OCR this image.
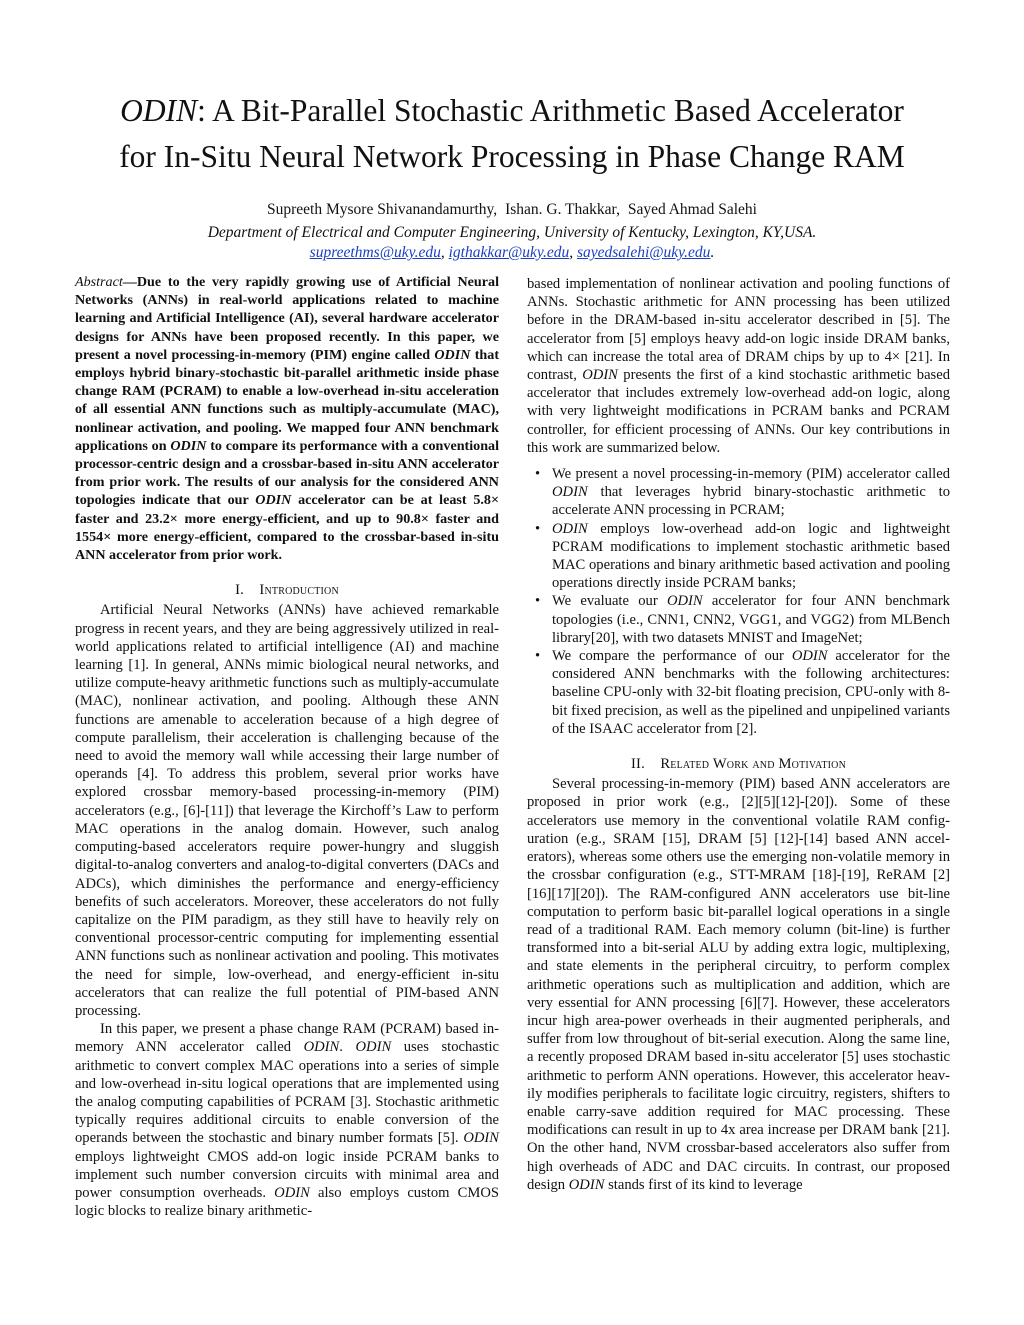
ODIN: A Bit-Parallel Stochastic Arithmetic Based Accelerator
for In-Situ Neural Network Processing in Phase Change RAM
Supreeth Mysore Shivanandamurthy, Ishan. G. Thakkar, Sayed Ahmad Salehi
Department of Electrical and Computer Engineering, University of Kentucky, Lexington, KY,USA.
supreethms@uky.edu, igthakkar@uky.edu, sayedsalehi@uky.edu.

Abstract—Due to the very rapidly growing use of Artificial Neural Networks (ANNs) in real-world applications related to machine learning and Artificial Intelligence (AI), several hardware accelerator designs for ANNs have been proposed recently. In this paper, we present a novel processing-in-memory (PIM) engine called ODIN that employs hybrid binary-stochastic bit-parallel arithmetic inside phase change RAM (PCRAM) to enable a low-overhead in-situ acceleration of all essential ANN functions such as multiply-accumulate (MAC), nonlinear activation, and pooling. We mapped four ANN benchmark applications on ODIN to compare its performance with a conventional processor-centric design and a crossbar-based in-situ ANN accelerator from prior work. The results of our analysis for the considered ANN topologies indicate that our ODIN accelerator can be at least 5.8× faster and 23.2× more energy-efficient, and up to 90.8× faster and 1554× more energy-efficient, compared to the crossbar-based in-situ ANN accelerator from prior work.

I. Introduction

Artificial Neural Networks (ANNs) have achieved remarkable progress in recent years, and they are being aggressively utilized in real-world applications related to artificial intelligence (AI) and machine learning [1]. In general, ANNs mimic biological neural networks, and utilize compute-heavy arithmetic functions such as multiply-accumulate (MAC), nonlinear activation, and pooling. Although these ANN functions are amenable to acceleration because of a high degree of compute parallelism, their acceleration is challenging because of the need to avoid the memory wall while accessing their large number of operands [4]. To address this problem, several prior works have explored crossbar memory-based processing-in-memory (PIM) accelerators (e.g., [6]-[11]) that leverage the Kirchoff’s Law to perform MAC operations in the analog domain. However, such analog computing-based accelerators require power-hungry and sluggish digital-to-analog converters and analog-to-digital converters (DACs and ADCs), which diminishes the performance and energy-efficiency benefits of such accelerators. Moreover, these accelerators do not fully capitalize on the PIM paradigm, as they still have to heavily rely on conventional processor-centric computing for implementing essential ANN functions such as nonlinear activation and pooling. This motivates the need for simple, low-overhead, and energy-efficient in-situ accelerators that can realize the full potential of PIM-based ANN processing.

In this paper, we present a phase change RAM (PCRAM) based in-memory ANN accelerator called ODIN. ODIN uses stochastic arithmetic to convert complex MAC operations into a series of simple and low-overhead in-situ logical operations that are implemented using the analog computing capabilities of PCRAM [3]. Stochastic arithmetic typically requires additional circuits to enable conversion of the operands between the stochastic and binary number formats [5]. ODIN employs lightweight CMOS add-on logic inside PCRAM banks to implement such number conversion circuits with minimal area and power consumption overheads. ODIN also employs custom CMOS logic blocks to realize binary arithmetic-

based implementation of nonlinear activation and pooling functions of ANNs. Stochastic arithmetic for ANN processing has been utilized before in the DRAM-based in-situ accelerator described in [5]. The accelerator from [5] employs heavy add-on logic inside DRAM banks, which can increase the total area of DRAM chips by up to 4× [21]. In contrast, ODIN presents the first of a kind stochastic arithmetic based accelerator that includes extremely low-overhead add-on logic, along with very lightweight modifications in PCRAM banks and PCRAM controller, for efficient processing of ANNs. Our key contributions in this work are summarized below.

• We present a novel processing-in-memory (PIM) accelerator called ODIN that leverages hybrid binary-stochastic arithmetic to accelerate ANN processing in PCRAM;
• ODIN employs low-overhead add-on logic and lightweight PCRAM modifications to implement stochastic arithmetic based MAC operations and binary arithmetic based activation and pooling operations directly inside PCRAM banks;
• We evaluate our ODIN accelerator for four ANN benchmark topologies (i.e., CNN1, CNN2, VGG1, and VGG2) from MLBench library[20], with two datasets MNIST and ImageNet;
• We compare the performance of our ODIN accelerator for the considered ANN benchmarks with the following architectures: baseline CPU-only with 32-bit floating precision, CPU-only with 8-bit fixed precision, as well as the pipelined and unpipelined variants of the ISAAC accelerator from [2].
II. Related Work and Motivation

Several processing-in-memory (PIM) based ANN accelerators are proposed in prior work (e.g., [2][5][12]-[20]). Some of these accelerators use memory in the conventional volatile RAM configuration (e.g., SRAM [15], DRAM [5] [12]-[14] based ANN accelerators), whereas some others use the emerging non-volatile memory in the crossbar configuration (e.g., STT-MRAM [18]-[19], ReRAM [2][16][17][20]). The RAM-configured ANN accelerators use bit-line computation to perform basic bit-parallel logical operations in a single read of a traditional RAM. Each memory column (bit-line) is further transformed into a bit-serial ALU by adding extra logic, multiplexing, and state elements in the peripheral circuitry, to perform complex arithmetic operations such as multiplication and addition, which are very essential for ANN processing [6][7]. However, these accelerators incur high area-power overheads in their augmented peripherals, and suffer from low throughout of bit-serial execution. Along the same line, a recently proposed DRAM based in-situ accelerator [5] uses stochastic arithmetic to perform ANN operations. However, this accelerator heavily modifies peripherals to facilitate logic circuitry, registers, shifters to enable carry-save addition required for MAC processing. These modifications can result in up to 4x area increase per DRAM bank [21]. On the other hand, NVM crossbar-based accelerators also suffer from high overheads of ADC and DAC circuits. In contrast, our proposed design ODIN stands first of its kind to leverage
